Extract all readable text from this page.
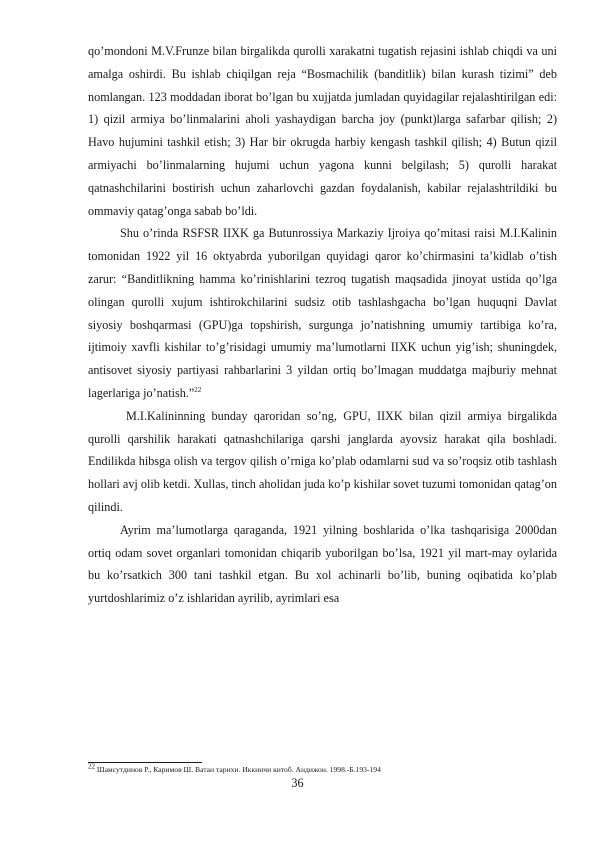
qo’mondoni M.V.Frunze bilan birgalikda qurolli xarakatni tugatish rejasini ishlab chiqdi va uni amalga oshirdi. Bu ishlab chiqilgan reja “Bosmachilik (banditlik) bilan kurash tizimi” deb nomlangan. 123 moddadan iborat bo’lgan bu xujjatda jumladan quyidagilar rejalashtirilgan edi: 1) qizil armiya bo’linmalarini aholi yashaydigan barcha joy (punkt)larga safarbar qilish; 2) Havo hujumini tashkil etish; 3) Har bir okrugda harbiy kengash tashkil qilish; 4) Butun qizil armiyachi bo’linmalarning hujumi uchun yagona kunni belgilash; 5) qurolli harakat qatnashchilarini bostirish uchun zaharlovchi gazdan foydalanish, kabilar rejalashtrildiki bu ommaviy qatag’onga sabab bo’ldi.

Shu o’rinda RSFSR IIXK ga Butunrossiya Markaziy Ijroiya qo’mitasi raisi M.I.Kalinin tomonidan 1922 yil 16 oktyabrda yuborilgan quyidagi qaror ko’chirmasini ta’kidlab o’tish zarur: “Banditlikning hamma ko’rinishlarini tezroq tugatish maqsadida jinoyat ustida qo’lga olingan qurolli xujum ishtirokchilarini sudsiz otib tashlashgacha bo’lgan huquqni Davlat siyosiy boshqarmasi (GPU)ga topshirish, surgunga jo’natishning umumiy tartibiga ko’ra, ijtimoiy xavfli kishilar to’g’risidagi umumiy ma’lumotlarni IIXK uchun yig’ish; shuningdek, antisovet siyosiy partiyasi rahbarlarini 3 yildan ortiq bo’lmagan muddatga majburiy mehnat lagerlariga jo’natish.”$^{22}$

M.I.Kalininning bunday qaroridan so’ng, GPU, IIXK bilan qizil armiya birgalikda qurolli qarshilik harakati qatnashchilariga qarshi janglarda ayovsiz harakat qila boshladi. Endilikda hibsga olish va tergov qilish o’rniga ko’plab odamlarni sud va so’roqsiz otib tashlash hollari avj olib ketdi. Xullas, tinch aholidan juda ko’p kishilar sovet tuzumi tomonidan qatag’on qilindi.

Ayrim ma’lumotlarga qaraganda, 1921 yilning boshlarida o’lka tashqarisiga 2000dan ortiq odam sovet organlari tomonidan chiqarib yuborilgan bo’lsa, 1921 yil mart-may oylarida bu ko’rsatkich 300 tani tashkil etgan. Bu xol achinarli bo’lib, buning oqibatida ko’plab yurtdoshlarimiz o’z ishlaridan ayrilib, ayrimlari esa

$^{22}$ Шамсутдинов Р., Каримов Ш. Ватан тарихи. Иккинчи китоб. Андижон. 1998.-Б.193-194
36
